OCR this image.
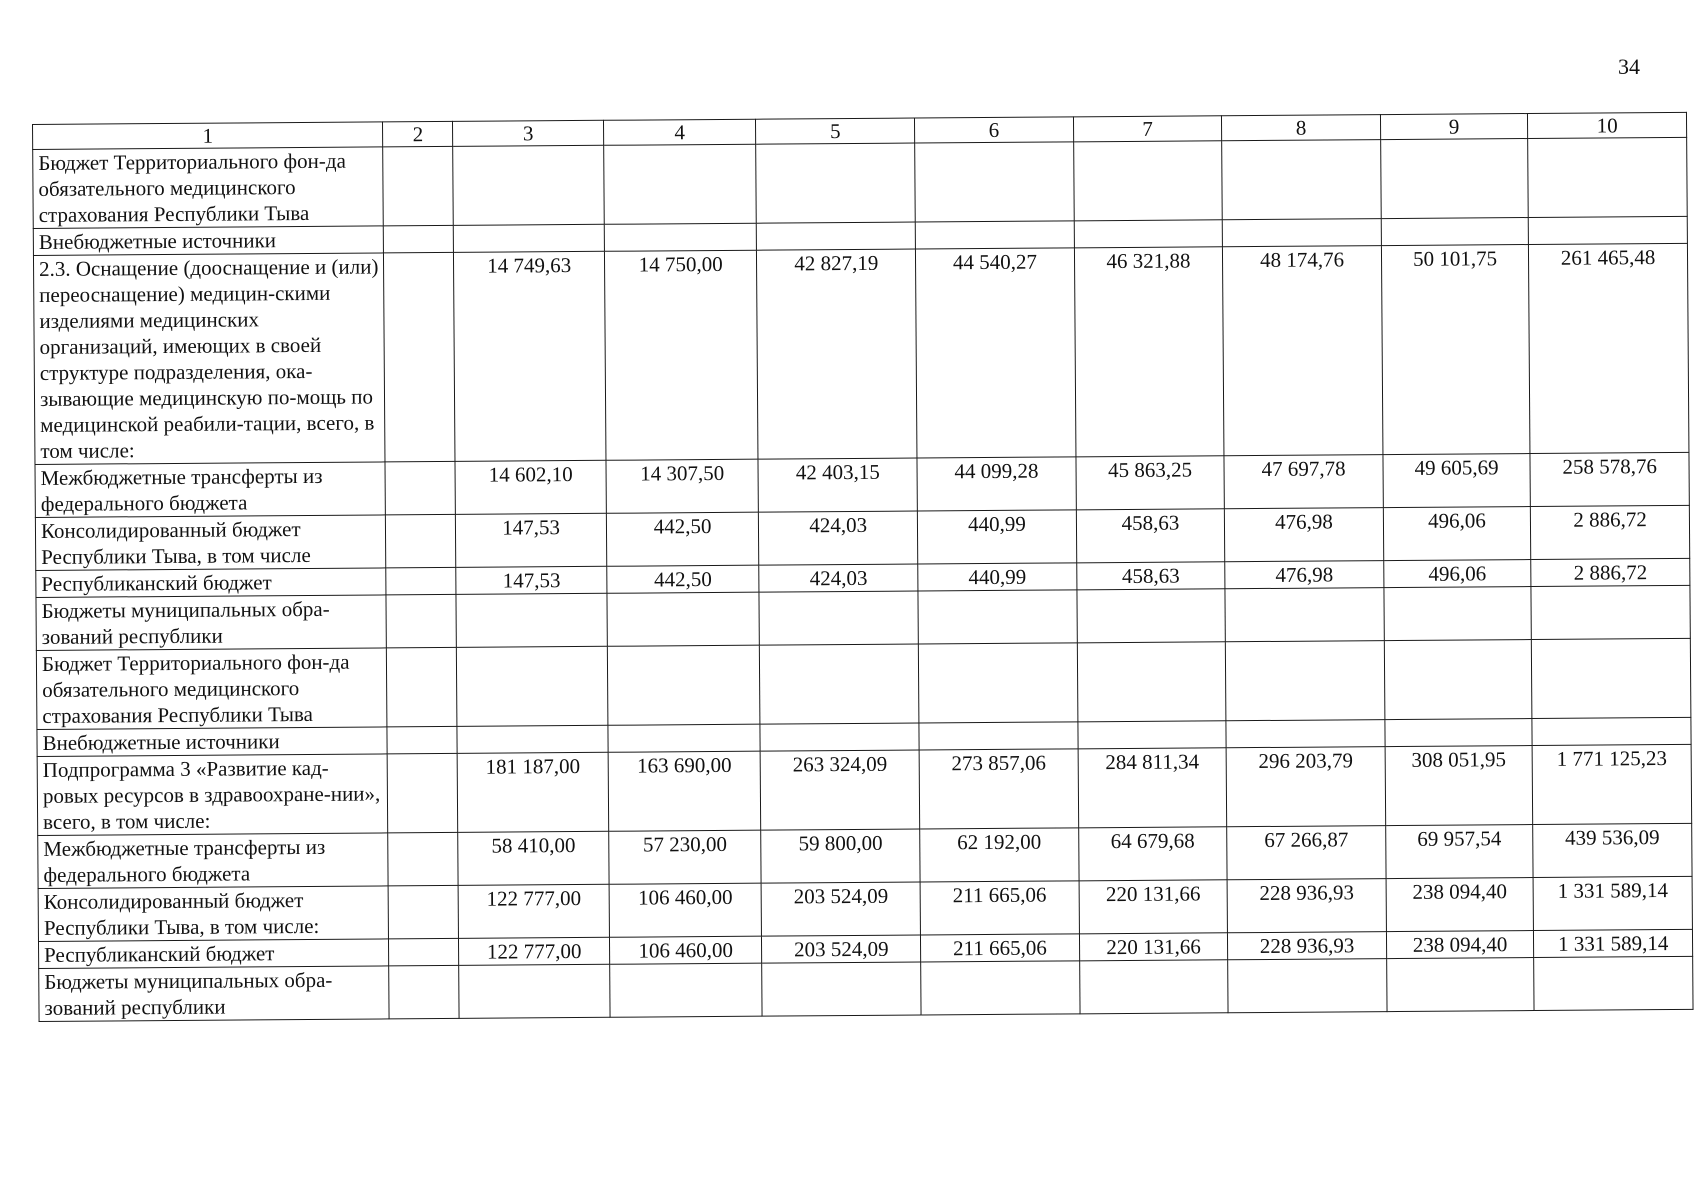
34
1	2	3	4	5	6	7	8	9	10
Бюджет Территориального фон-да обязательного медицинского страхования Республики Тыва									
Внебюджетные источники									
2.3. Оснащение (дооснащение и (или) переоснащение) медицин-скими изделиями медицинских организаций, имеющих в своей структуре подразделения, ока-зывающие медицинскую по-мощь по медицинской реабили-тации, всего, в том числе:		14 749,63	14 750,00	42 827,19	44 540,27	46 321,88	48 174,76	50 101,75	261 465,48
Межбюджетные трансферты из федерального бюджета		14 602,10	14 307,50	42 403,15	44 099,28	45 863,25	47 697,78	49 605,69	258 578,76
Консолидированный бюджет Республики Тыва, в том числе		147,53	442,50	424,03	440,99	458,63	476,98	496,06	2 886,72
Республиканский бюджет		147,53	442,50	424,03	440,99	458,63	476,98	496,06	2 886,72
Бюджеты муниципальных обра-зований республики									
Бюджет Территориального фон-да обязательного медицинского страхования Республики Тыва									
Внебюджетные источники									
Подпрограмма 3 «Развитие кад-ровых ресурсов в здравоохране-нии», всего, в том числе:		181 187,00	163 690,00	263 324,09	273 857,06	284 811,34	296 203,79	308 051,95	1 771 125,23
Межбюджетные трансферты из федерального бюджета		58 410,00	57 230,00	59 800,00	62 192,00	64 679,68	67 266,87	69 957,54	439 536,09
Консолидированный бюджет Республики Тыва, в том числе:		122 777,00	106 460,00	203 524,09	211 665,06	220 131,66	228 936,93	238 094,40	1 331 589,14
Республиканский бюджет		122 777,00	106 460,00	203 524,09	211 665,06	220 131,66	228 936,93	238 094,40	1 331 589,14
Бюджеты муниципальных обра-зований республики									
